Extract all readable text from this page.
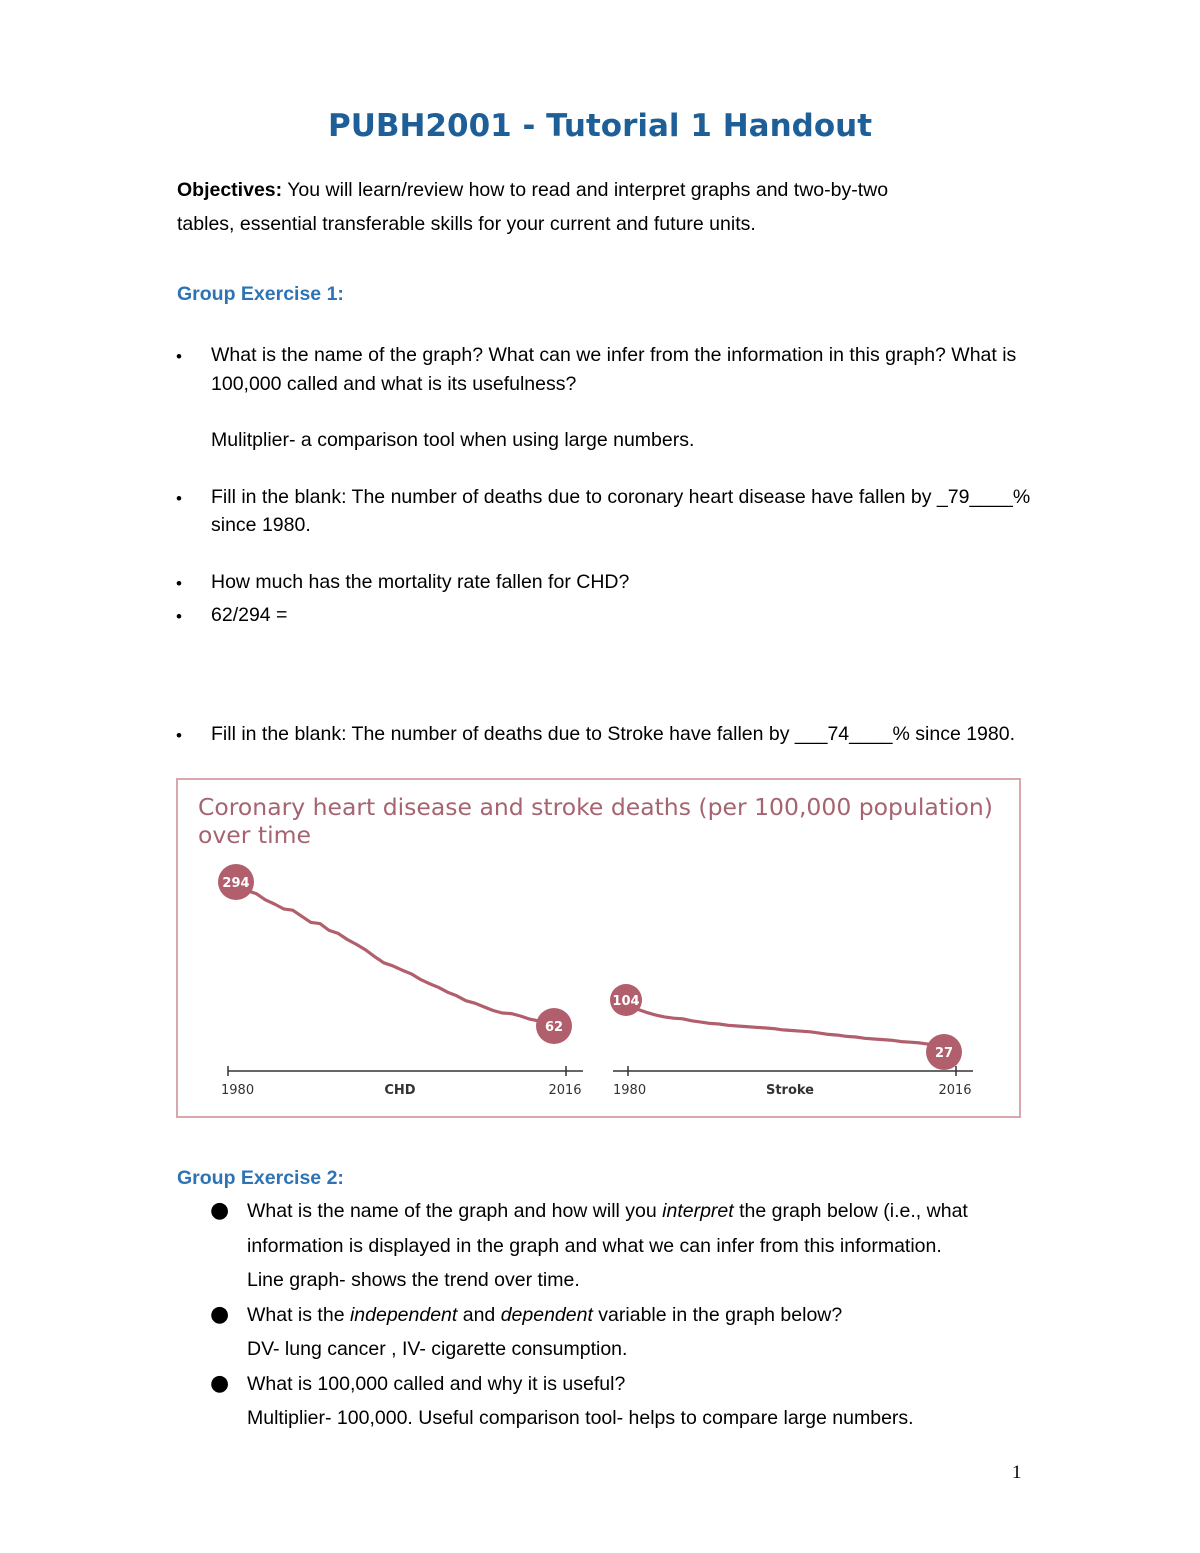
PUBH2001 - Tutorial 1 Handout
Objectives: You will learn/review how to read and interpret graphs and two-by-two
tables, essential transferable skills for your current and future units.
Group Exercise 1:
• What is the name of the graph? What can we infer from the information in this graph? What is
100,000 called and what is its usefulness?
Mulitplier- a comparison tool when using large numbers.
• Fill in the blank: The number of deaths due to coronary heart disease have fallen by _79____%
since 1980.
• How much has the mortality rate fallen for CHD?
• 62/294 =
• Fill in the blank: The number of deaths due to Stroke have fallen by ___74____% since 1980.
Coronary heart disease and stroke deaths (per 100,000 population) over time
1980	CHD	2016
294
62
1980	Stroke	2016
104
27
Group Exercise 2:
● What is the name of the graph and how will you interpret the graph below (i.e., what
information is displayed in the graph and what we can infer from this information.
Line graph- shows the trend over time.
● What is the independent and dependent variable in the graph below?
DV- lung cancer , IV- cigarette consumption.
● What is 100,000 called and why it is useful?
Multiplier- 100,000. Useful comparison tool- helps to compare large numbers.
1
